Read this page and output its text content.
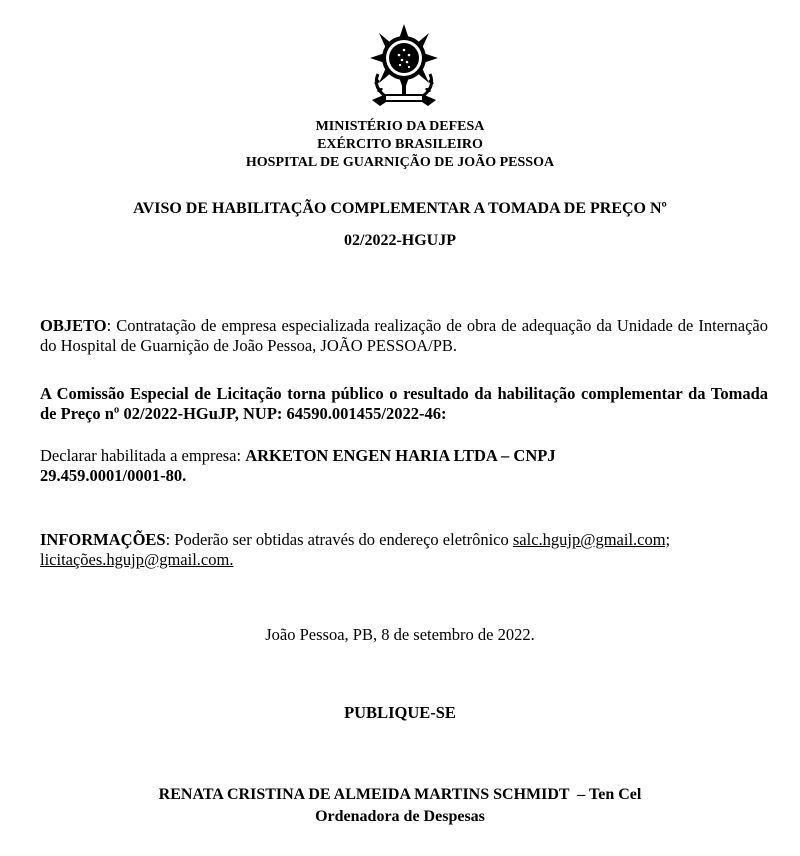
MINISTÉRIO DA DEFESA
EXÉRCITO BRASILEIRO
HOSPITAL DE GUARNIÇÃO DE JOÃO PESSOA
AVISO DE HABILITAÇÃO COMPLEMENTAR A TOMADA DE PREÇO Nº
02/2022-HGUJP
OBJETO: Contratação de empresa especializada realização de obra de adequação da Unidade de Internação do Hospital de Guarnição de João Pessoa, JOÃO PESSOA/PB.
A Comissão Especial de Licitação torna público o resultado da habilitação complementar da Tomada de Preço nº 02/2022-HGuJP, NUP: 64590.001455/2022-46:
Declarar habilitada a empresa: ARKETON ENGEN HARIA LTDA – CNPJ 29.459.0001/0001-80.
INFORMAÇÕES: Poderão ser obtidas através do endereço eletrônico salc.hgujp@gmail.com;
licitações.hgujp@gmail.com.
João Pessoa, PB, 8 de setembro de 2022.
PUBLIQUE-SE
RENATA CRISTINA DE ALMEIDA MARTINS SCHMIDT  – Ten Cel
Ordenadora de Despesas
